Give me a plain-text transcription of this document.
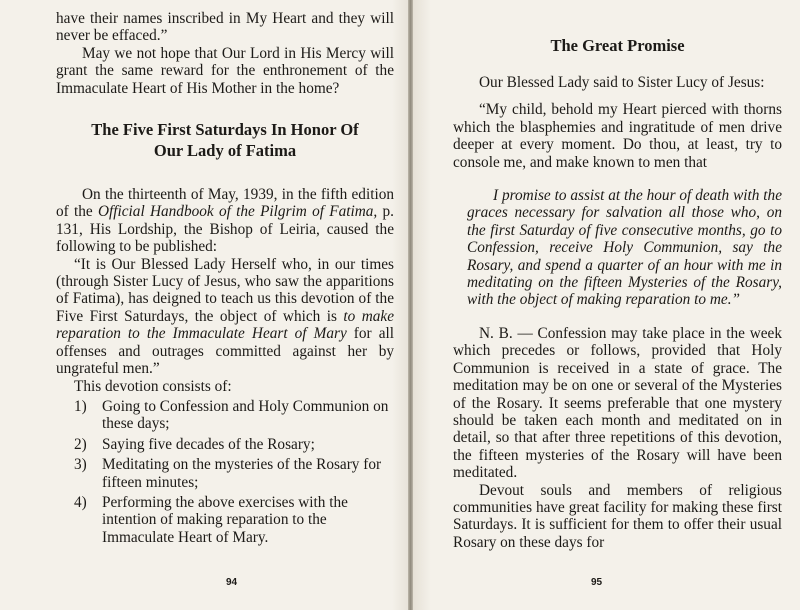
have their names inscribed in My Heart and they will never be effaced.”

May we not hope that Our Lord in His Mercy will grant the same reward for the enthronement of the Immaculate Heart of His Mother in the home?

The Five First Saturdays In Honor Of
Our Lady of Fatima

On the thirteenth of May, 1939, in the fifth edition of the Official Handbook of the Pilgrim of Fatima, p. 131, His Lordship, the Bishop of Leiria, caused the following to be published:

“It is Our Blessed Lady Herself who, in our times (through Sister Lucy of Jesus, who saw the apparitions of Fatima), has deigned to teach us this devotion of the Five First Saturdays, the object of which is to make reparation to the Immaculate Heart of Mary for all offenses and outrages committed against her by ungrateful men.”

This devotion consists of:

1) Going to Confession and Holy Communion on these days;
2) Saying five decades of the Rosary;
3) Meditating on the mysteries of the Rosary for fifteen minutes;
4) Performing the above exercises with the intention of making reparation to the Immaculate Heart of Mary.
94
The Great Promise

Our Blessed Lady said to Sister Lucy of Jesus:

“My child, behold my Heart pierced with thorns which the blasphemies and ingratitude of men drive deeper at every moment. Do thou, at least, try to console me, and make known to men that

I promise to assist at the hour of death with the graces necessary for salvation all those who, on the first Saturday of five consecutive months, go to Confession, receive Holy Communion, say the Rosary, and spend a quarter of an hour with me in meditating on the fifteen Mysteries of the Rosary, with the object of making reparation to me.”

N. B. — Confession may take place in the week which precedes or follows, provided that Holy Communion is received in a state of grace. The meditation may be on one or several of the Mysteries of the Rosary. It seems preferable that one mystery should be taken each month and meditated on in detail, so that after three repetitions of this devotion, the fifteen mysteries of the Rosary will have been meditated.

Devout souls and members of religious communities have great facility for making these first Saturdays. It is sufficient for them to offer their usual Rosary on these days for

95
